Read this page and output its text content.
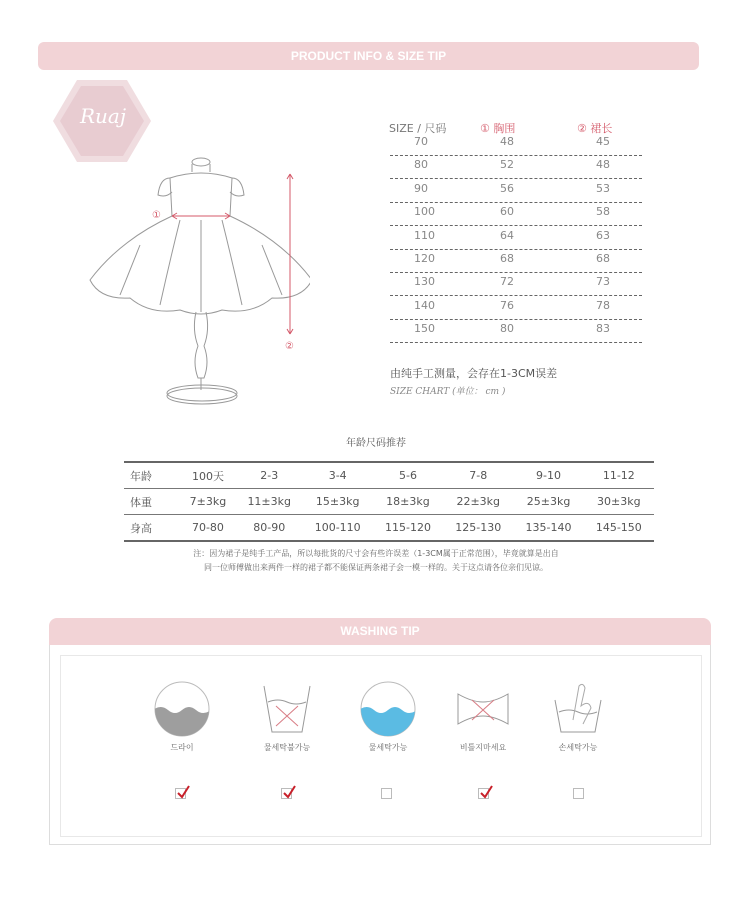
PRODUCT INFO & SIZE TIP
Ruaj
①
②
SIZE / 尺码	① 胸围	② 裙长
70	48	45
80	52	48
90	56	53
100	60	58
110	64	63
120	68	68
130	72	73
140	76	78
150	80	83
由纯手工测量，会存在1-3CM误差
SIZE CHART (单位： cm )
年龄尺码推荐
年龄	100天	2-3	3-4	5-6	7-8	9-10	11-12
体重	7±3kg	11±3kg	15±3kg	18±3kg	22±3kg	25±3kg	30±3kg
身高	70-80	80-90	100-110	115-120	125-130	135-140	145-150
注：因为裙子是纯手工产品，所以每批货的尺寸会有些许误差（1-3CM属于正常范围），毕竟就算是出自
同一位师傅做出来两件一样的裙子都不能保证两条裙子会一模一样的。关于这点请各位亲们见谅。
WASHING TIP
드라이	물세탁불가능	물세탁가능	비틀지마세요	손세탁가능
